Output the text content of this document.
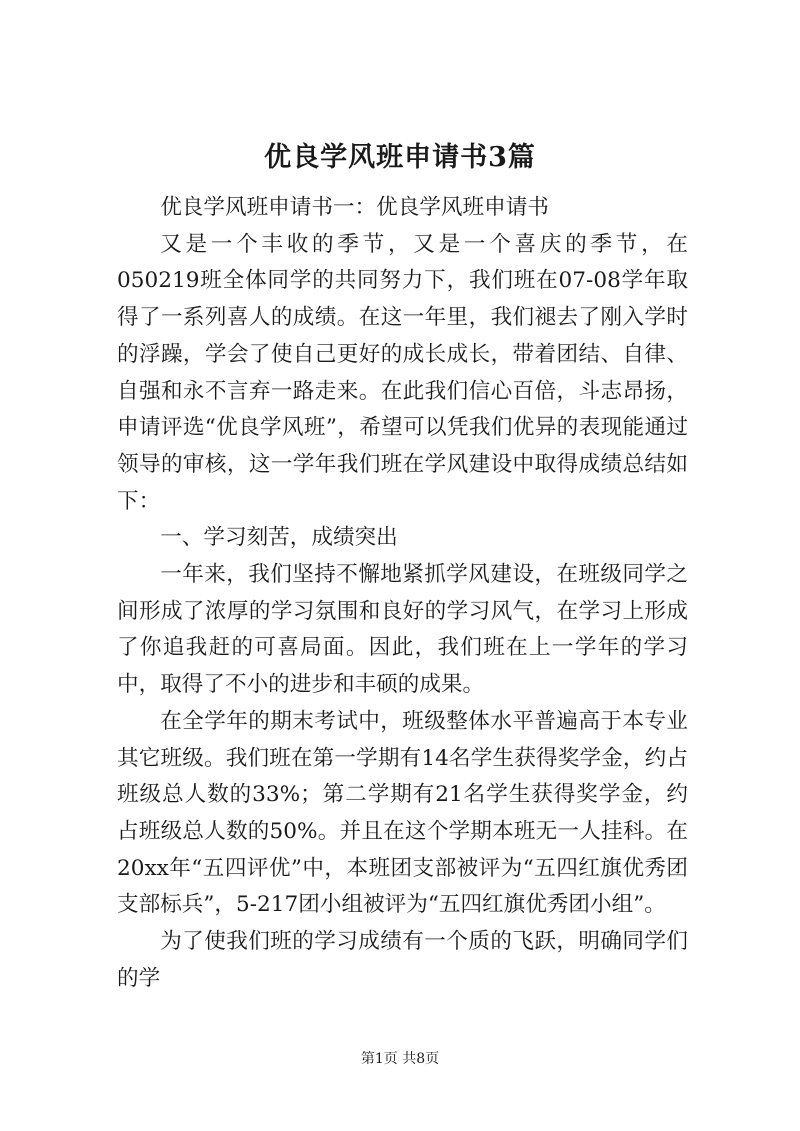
优良学风班申请书3篇

优良学风班申请书一：优良学风班申请书

又是一个丰收的季节，又是一个喜庆的季节，在050219班全体同学的共同努力下，我们班在07-08学年取得了一系列喜人的成绩。在这一年里，我们褪去了刚入学时的浮躁，学会了使自己更好的成长成长，带着团结、自律、自强和永不言弃一路走来。在此我们信心百倍，斗志昂扬，申请评选“优良学风班”，希望可以凭我们优异的表现能通过领导的审核，这一学年我们班在学风建设中取得成绩总结如下：

一、学习刻苦，成绩突出

一年来，我们坚持不懈地紧抓学风建设，在班级同学之间形成了浓厚的学习氛围和良好的学习风气，在学习上形成了你追我赶的可喜局面。因此，我们班在上一学年的学习中，取得了不小的进步和丰硕的成果。

在全学年的期末考试中，班级整体水平普遍高于本专业其它班级。我们班在第一学期有14名学生获得奖学金，约占班级总人数的33%；第二学期有21名学生获得奖学金，约占班级总人数的50%。并且在这个学期本班无一人挂科。在20xx年“五四评优”中，本班团支部被评为“五四红旗优秀团支部标兵”，5-217团小组被评为“五四红旗优秀团小组”。

为了使我们班的学习成绩有一个质的飞跃，明确同学们的学

第1页 共8页
